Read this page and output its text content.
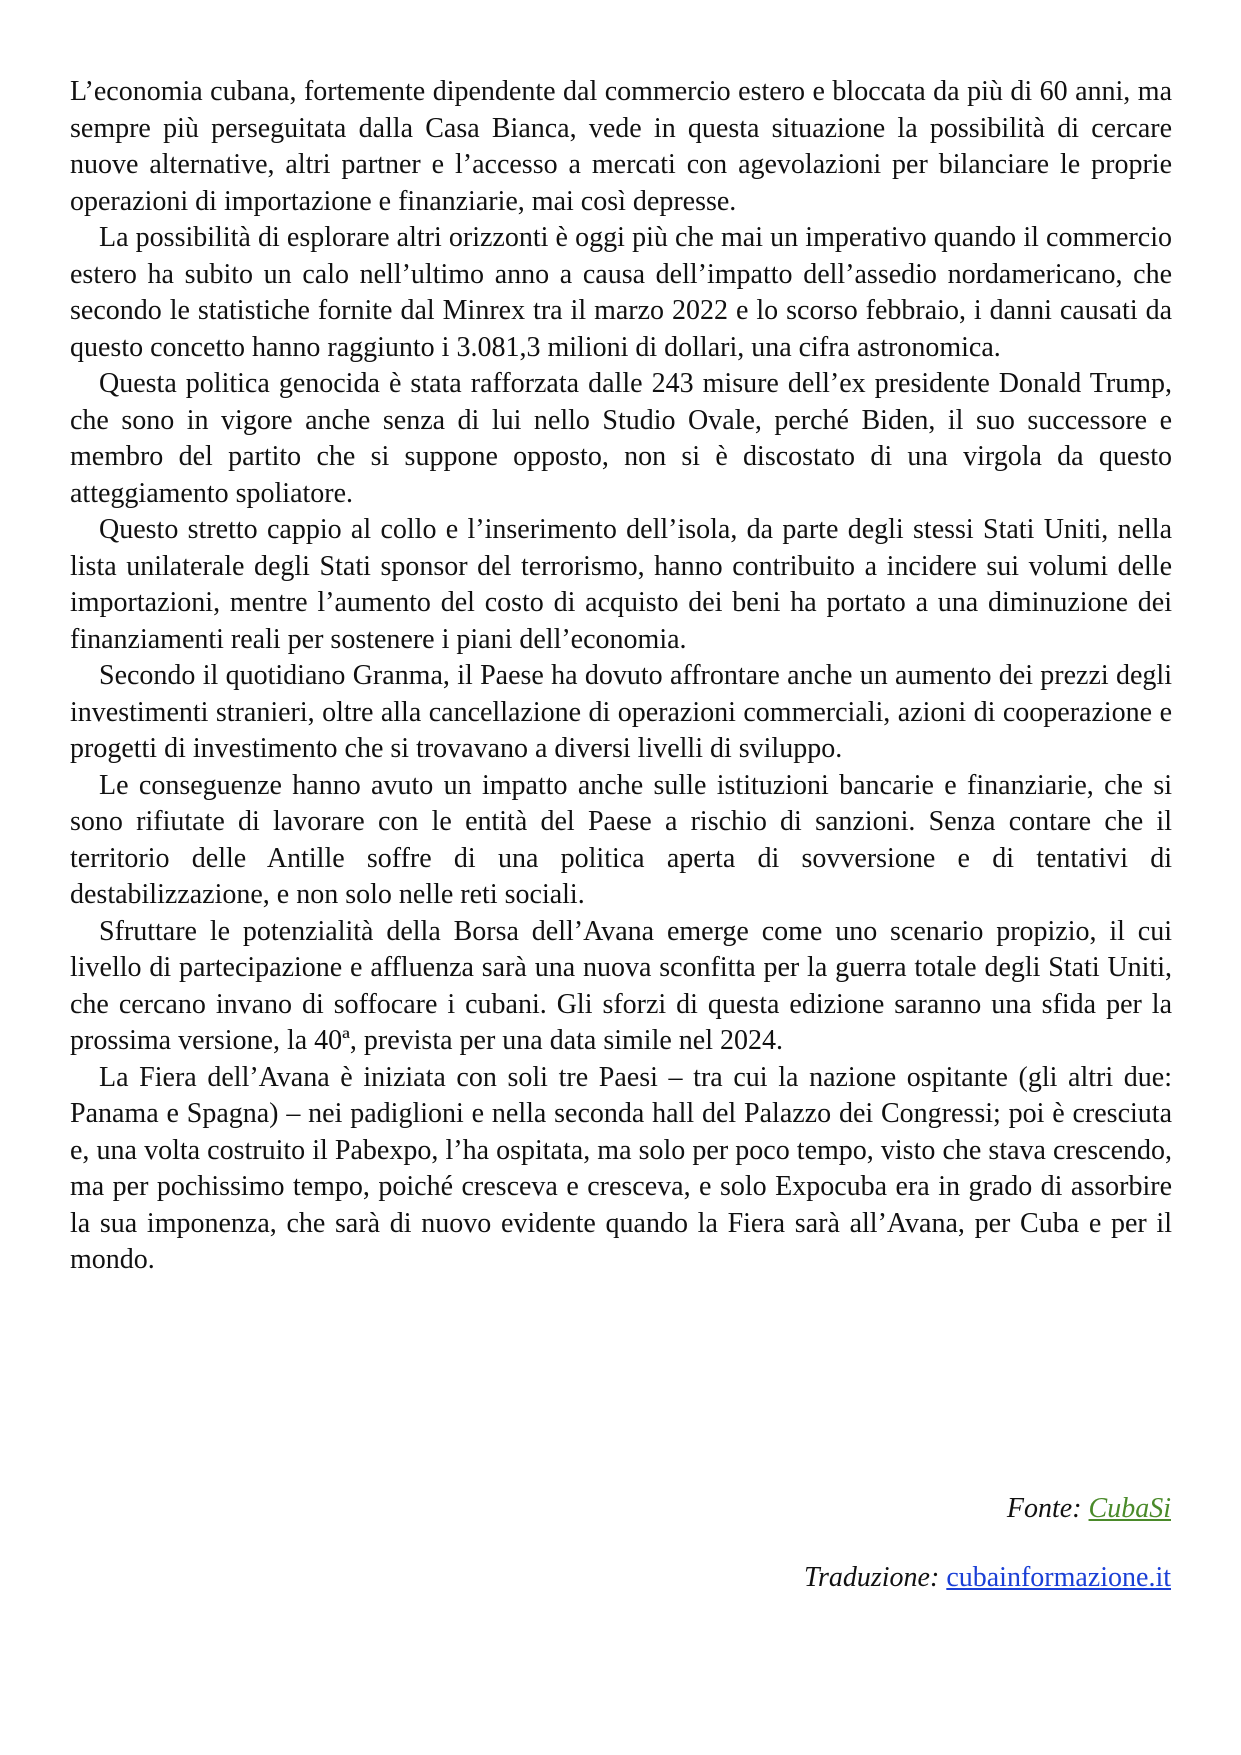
L’economia cubana, fortemente dipendente dal commercio estero e bloccata da più di 60 anni, ma sempre più perseguitata dalla Casa Bianca, vede in questa situazione la possibilità di cercare nuove alternative, altri partner e l’accesso a mercati con agevolazioni per bilanciare le proprie operazioni di importazione e finanziarie, mai così depresse.

La possibilità di esplorare altri orizzonti è oggi più che mai un imperativo quando il commercio estero ha subito un calo nell’ultimo anno a causa dell’impatto dell’assedio nordamericano, che secondo le statistiche fornite dal Minrex tra il marzo 2022 e lo scorso febbraio, i danni causati da questo concetto hanno raggiunto i 3.081,3 milioni di dollari, una cifra astronomica.

Questa politica genocida è stata rafforzata dalle 243 misure dell’ex presidente Donald Trump, che sono in vigore anche senza di lui nello Studio Ovale, perché Biden, il suo successore e membro del partito che si suppone opposto, non si è discostato di una virgola da questo atteggiamento spoliatore.

Questo stretto cappio al collo e l’inserimento dell’isola, da parte degli stessi Stati Uniti, nella lista unilaterale degli Stati sponsor del terrorismo, hanno contribuito a incidere sui volumi delle importazioni, mentre l’aumento del costo di acquisto dei beni ha portato a una diminuzione dei finanziamenti reali per sostenere i piani dell’economia.

Secondo il quotidiano Granma, il Paese ha dovuto affrontare anche un aumento dei prezzi degli investimenti stranieri, oltre alla cancellazione di operazioni commerciali, azioni di cooperazione e progetti di investimento che si trovavano a diversi livelli di sviluppo.

Le conseguenze hanno avuto un impatto anche sulle istituzioni bancarie e finanziarie, che si sono rifiutate di lavorare con le entità del Paese a rischio di sanzioni. Senza contare che il territorio delle Antille soffre di una politica aperta di sovversione e di tentativi di destabilizzazione, e non solo nelle reti sociali.

Sfruttare le potenzialità della Borsa dell’Avana emerge come uno scenario propizio, il cui livello di partecipazione e affluenza sarà una nuova sconfitta per la guerra totale degli Stati Uniti, che cercano invano di soffocare i cubani. Gli sforzi di questa edizione saranno una sfida per la prossima versione, la 40ª, prevista per una data simile nel 2024.

La Fiera dell’Avana è iniziata con soli tre Paesi – tra cui la nazione ospitante (gli altri due: Panama e Spagna) – nei padiglioni e nella seconda hall del Palazzo dei Congressi; poi è cresciuta e, una volta costruito il Pabexpo, l’ha ospitata, ma solo per poco tempo, visto che stava crescendo, ma per pochissimo tempo, poiché cresceva e cresceva, e solo Expocuba era in grado di assorbire la sua imponenza, che sarà di nuovo evidente quando la Fiera sarà all’Avana, per Cuba e per il mondo.

Fonte: CubaSi
Traduzione: cubainformazione.it
